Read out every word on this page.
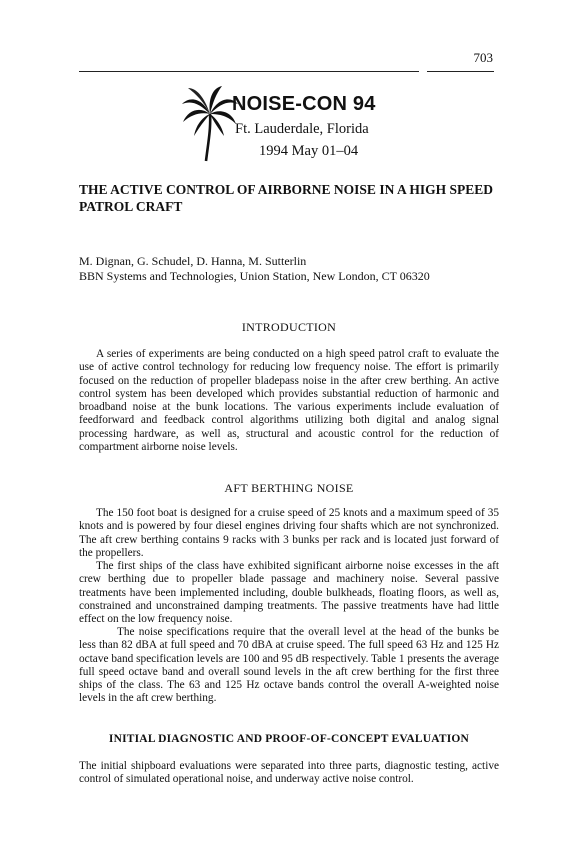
703
NOISE-CON 94
Ft. Lauderdale, Florida
1994 May 01–04
THE ACTIVE CONTROL OF AIRBORNE NOISE IN A HIGH SPEED PATROL CRAFT
M. Dignan, G. Schudel, D. Hanna, M. Sutterlin
BBN Systems and Technologies, Union Station, New London, CT 06320
INTRODUCTION

A series of experiments are being conducted on a high speed patrol craft to evaluate the use of active control technology for reducing low frequency noise. The effort is primarily focused on the reduction of propeller bladepass noise in the after crew berthing. An active control system has been developed which provides substantial reduction of harmonic and broadband noise at the bunk locations. The various experiments include evaluation of feedforward and feedback control algorithms utilizing both digital and analog signal processing hardware, as well as, structural and acoustic control for the reduction of compartment airborne noise levels.

AFT BERTHING NOISE

The 150 foot boat is designed for a cruise speed of 25 knots and a maximum speed of 35 knots and is powered by four diesel engines driving four shafts which are not synchronized. The aft crew berthing contains 9 racks with 3 bunks per rack and is located just forward of the propellers.

The first ships of the class have exhibited significant airborne noise excesses in the aft crew berthing due to propeller blade passage and machinery noise. Several passive treatments have been implemented including, double bulkheads, floating floors, as well as, constrained and unconstrained damping treatments. The passive treatments have had little effect on the low frequency noise.

The noise specifications require that the overall level at the head of the bunks be less than 82 dBA at full speed and 70 dBA at cruise speed. The full speed 63 Hz and 125 Hz octave band specification levels are 100 and 95 dB respectively. Table 1 presents the average full speed octave band and overall sound levels in the aft crew berthing for the first three ships of the class. The 63 and 125 Hz octave bands control the overall A-weighted noise levels in the aft crew berthing.

INITIAL DIAGNOSTIC AND PROOF-OF-CONCEPT EVALUATION

The initial shipboard evaluations were separated into three parts, diagnostic testing, active control of simulated operational noise, and underway active noise control.
